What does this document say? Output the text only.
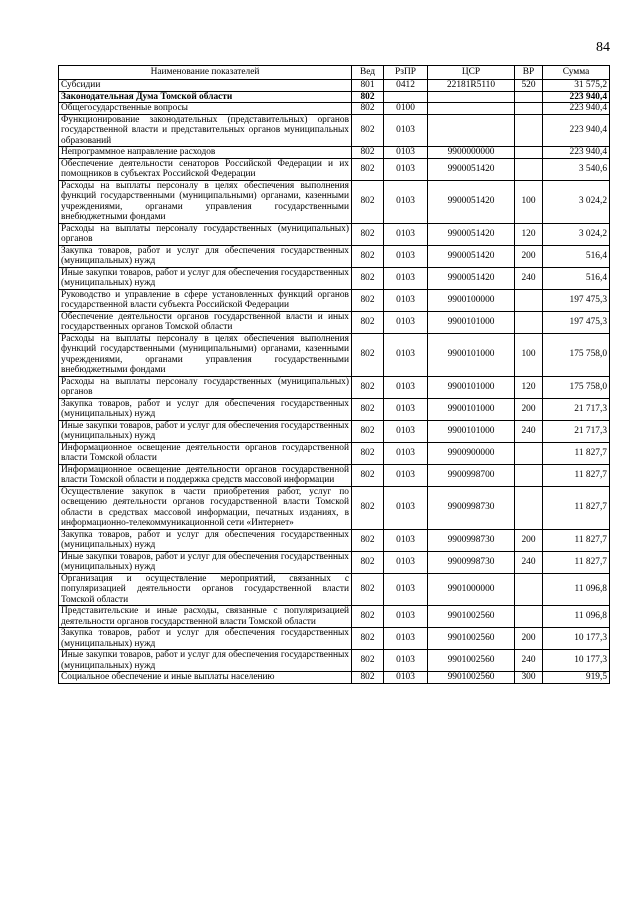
84
Наименование показателей	Вед	РзПР	ЦСР	ВР	Сумма
Субсидии	801	0412	22181R5110	520	31 575,2
Законодательная Дума Томской области	802				223 940,4
Общегосударственные вопросы	802	0100			223 940,4
Функционирование законодательных (представительных) органов государственной власти и представительных органов муниципальных образований	802	0103			223 940,4
Непрограммное направление расходов	802	0103	9900000000		223 940,4
Обеспечение деятельности сенаторов Российской Федерации и их помощников в субъектах Российской Федерации	802	0103	9900051420		3 540,6
Расходы на выплаты персоналу в целях обеспечения выполнения функций государственными (муниципальными) органами, казенными учреждениями, органами управления государственными внебюджетными фондами	802	0103	9900051420	100	3 024,2
Расходы на выплаты персоналу государственных (муниципальных) органов	802	0103	9900051420	120	3 024,2
Закупка товаров, работ и услуг для обеспечения государственных (муниципальных) нужд	802	0103	9900051420	200	516,4
Иные закупки товаров, работ и услуг для обеспечения государственных (муниципальных) нужд	802	0103	9900051420	240	516,4
Руководство и управление в сфере установленных функций органов государственной власти субъекта Российской Федерации	802	0103	9900100000		197 475,3
Обеспечение деятельности органов государственной власти и иных государственных органов Томской области	802	0103	9900101000		197 475,3
Расходы на выплаты персоналу в целях обеспечения выполнения функций государственными (муниципальными) органами, казенными учреждениями, органами управления государственными внебюджетными фондами	802	0103	9900101000	100	175 758,0
Расходы на выплаты персоналу государственных (муниципальных) органов	802	0103	9900101000	120	175 758,0
Закупка товаров, работ и услуг для обеспечения государственных (муниципальных) нужд	802	0103	9900101000	200	21 717,3
Иные закупки товаров, работ и услуг для обеспечения государственных (муниципальных) нужд	802	0103	9900101000	240	21 717,3
Информационное освещение деятельности органов государственной власти Томской области	802	0103	9900900000		11 827,7
Информационное освещение деятельности органов государственной власти Томской области и поддержка средств массовой информации	802	0103	9900998700		11 827,7
Осуществление закупок в части приобретения работ, услуг по освещению деятельности органов государственной власти Томской области в средствах массовой информации, печатных изданиях, в информационно-телекоммуникационной сети «Интернет»	802	0103	9900998730		11 827,7
Закупка товаров, работ и услуг для обеспечения государственных (муниципальных) нужд	802	0103	9900998730	200	11 827,7
Иные закупки товаров, работ и услуг для обеспечения государственных (муниципальных) нужд	802	0103	9900998730	240	11 827,7
Организация и осуществление мероприятий, связанных с популяризацией деятельности органов государственной власти Томской области	802	0103	9901000000		11 096,8
Представительские и иные расходы, связанные с популяризацией деятельности органов государственной власти Томской области	802	0103	9901002560		11 096,8
Закупка товаров, работ и услуг для обеспечения государственных (муниципальных) нужд	802	0103	9901002560	200	10 177,3
Иные закупки товаров, работ и услуг для обеспечения государственных (муниципальных) нужд	802	0103	9901002560	240	10 177,3
Социальное обеспечение и иные выплаты населению	802	0103	9901002560	300	919,5
